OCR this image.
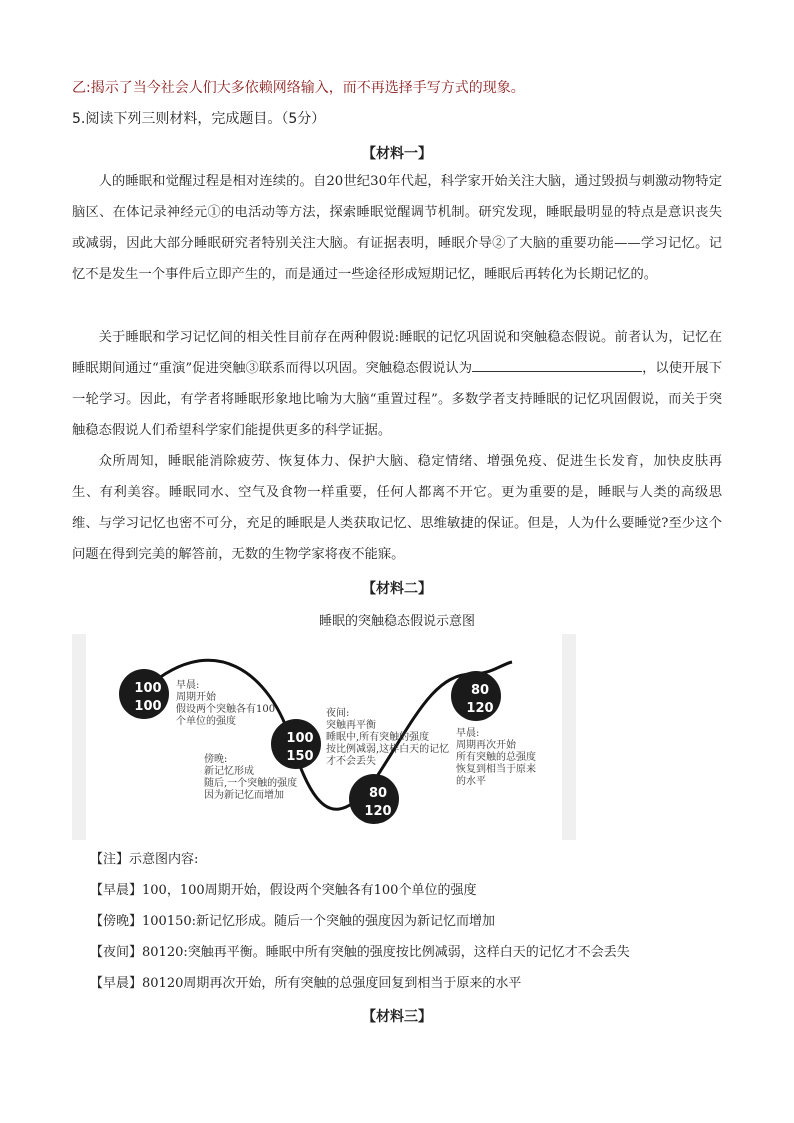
乙:揭示了当今社会人们大多依赖网络输入，而不再选择手写方式的现象。
5.阅读下列三则材料，完成题目。（5分）
【材料一】

人的睡眠和觉醒过程是相对连续的。自20世纪30年代起，科学家开始关注大脑，通过毁损与刺激动物特定脑区、在体记录神经元①的电活动等方法，探索睡眠觉醒调节机制。研究发现，睡眠最明显的特点是意识丧失或减弱，因此大部分睡眠研究者特别关注大脑。有证据表明，睡眠介导②了大脑的重要功能——学习记忆。记忆不是发生一个事件后立即产生的，而是通过一些途径形成短期记忆，睡眠后再转化为长期记忆的。

关于睡眠和学习记忆间的相关性目前存在两种假说:睡眠的记忆巩固说和突触稳态假说。前者认为，记忆在睡眠期间通过“重演”促进突触③联系而得以巩固。突触稳态假说认为	，以使开展下一轮学习。因此，有学者将睡眠形象地比喻为大脑“重置过程”。多数学者支持睡眠的记忆巩固假说，而关于突触稳态假说人们希望科学家们能提供更多的科学证据。

众所周知，睡眠能消除疲劳、恢复体力、保护大脑、稳定情绪、增强免疫、促进生长发育，加快皮肤再生、有利美容。睡眠同水、空气及食物一样重要，任何人都离不开它。更为重要的是，睡眠与人类的高级思维、与学习记忆也密不可分，充足的睡眠是人类获取记忆、思维敏捷的保证。但是，人为什么要睡觉?至少这个问题在得到完美的解答前，无数的生物学家将夜不能寐。

【材料二】
睡眠的突触稳态假说示意图
100
100
100
150
80
120
80
120
早晨:
周期开始
假设两个突触各有100
个单位的强度
傍晚:
新记忆形成
随后,一个突触的强度
因为新记忆而增加
夜间:
突触再平衡
睡眠中,所有突触的强度
按比例减弱,这样白天的记忆
才不会丢失
早晨:
周期再次开始
所有突触的总强度
恢复到相当于原来
的水平
【注】示意图内容:
【早晨】100，100周期开始，假设两个突触各有100个单位的强度
【傍晚】100150:新记忆形成。随后一个突触的强度因为新记忆而增加
【夜间】80120:突触再平衡。睡眠中所有突触的强度按比例减弱，这样白天的记忆才不会丢失
【早晨】80120周期再次开始，所有突触的总强度回复到相当于原来的水平
【材料三】
